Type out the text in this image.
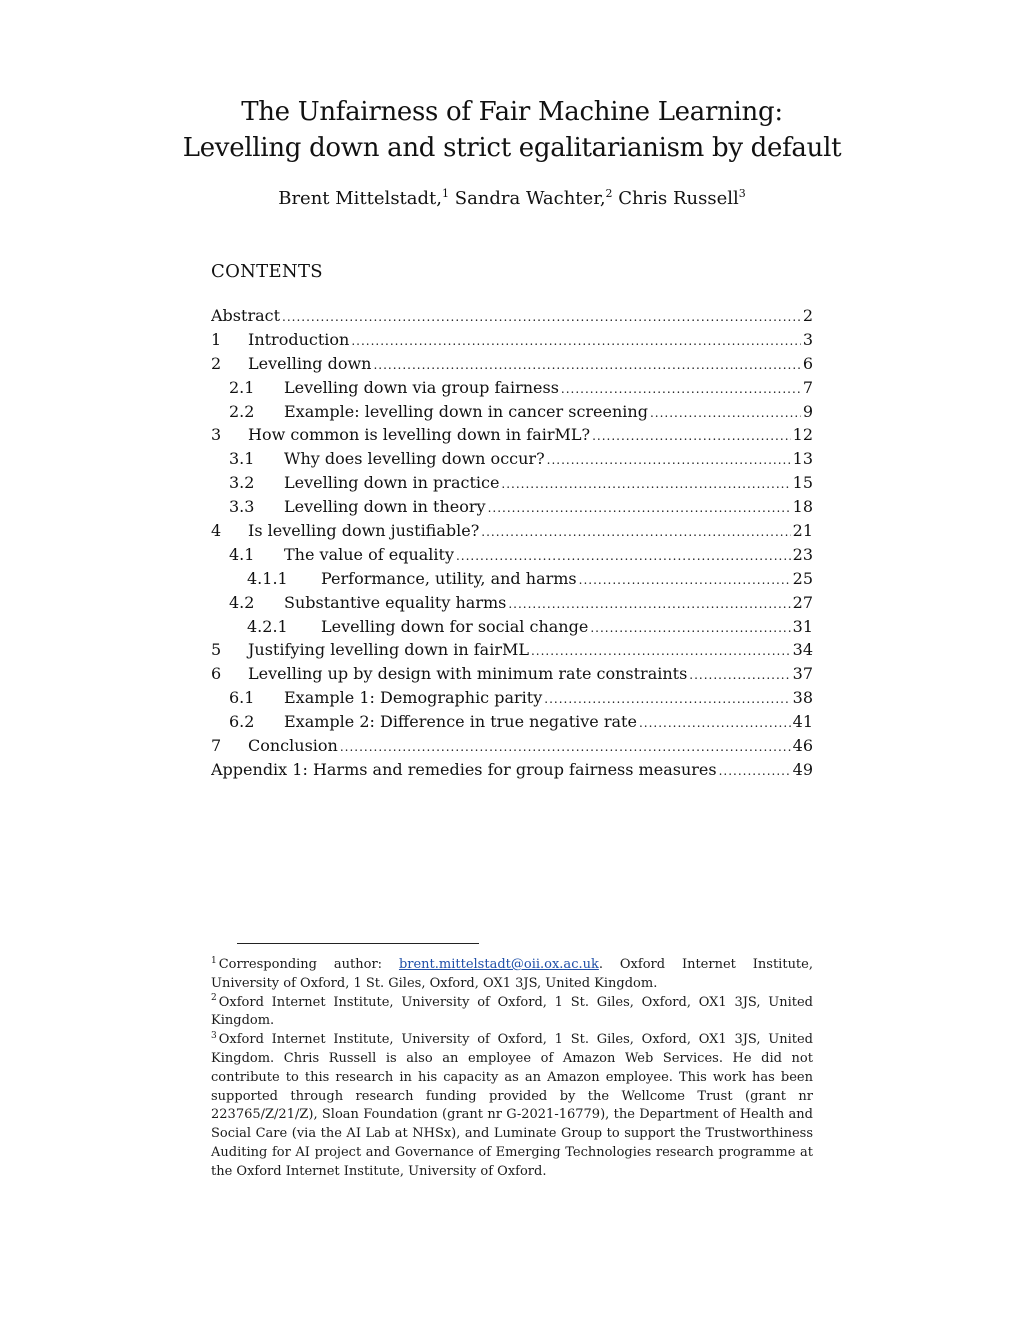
The Unfairness of Fair Machine Learning:
Levelling down and strict egalitarianism by default
Brent Mittelstadt,$^1$ Sandra Wachter,$^2$ Chris Russell$^3$
CONTENTS
Abstract .....	2
1	Introduction .....	3
2	Levelling down .....	6
2.1	Levelling down via group fairness .....	7
2.2	Example: levelling down in cancer screening .....	9
3	How common is levelling down in fairML? .....	12
3.1	Why does levelling down occur? .....	13
3.2	Levelling down in practice .....	15
3.3	Levelling down in theory .....	18
4	Is levelling down justifiable? .....	21
4.1	The value of equality .....	23
4.1.1	Performance, utility, and harms .....	25
4.2	Substantive equality harms .....	27
4.2.1	Levelling down for social change .....	31
5	Justifying levelling down in fairML .....	34
6	Levelling up by design with minimum rate constraints .....	37
6.1	Example 1: Demographic parity .....	38
6.2	Example 2: Difference in true negative rate .....	41
7	Conclusion .....	46
Appendix 1: Harms and remedies for group fairness measures .....	49

$^1$ Corresponding author: brent.mittelstadt@oii.ox.ac.uk. Oxford Internet Institute, University of Oxford, 1 St. Giles, Oxford, OX1 3JS, United Kingdom.

$^2$ Oxford Internet Institute, University of Oxford, 1 St. Giles, Oxford, OX1 3JS, United Kingdom.

$^3$ Oxford Internet Institute, University of Oxford, 1 St. Giles, Oxford, OX1 3JS, United Kingdom. Chris Russell is also an employee of Amazon Web Services. He did not contribute to this research in his capacity as an Amazon employee. This work has been supported through research funding provided by the Wellcome Trust (grant nr 223765/Z/21/Z), Sloan Foundation (grant nr G-2021-16779), the Department of Health and Social Care (via the AI Lab at NHSx), and Luminate Group to support the Trustworthiness Auditing for AI project and Governance of Emerging Technologies research programme at the Oxford Internet Institute, University of Oxford.
